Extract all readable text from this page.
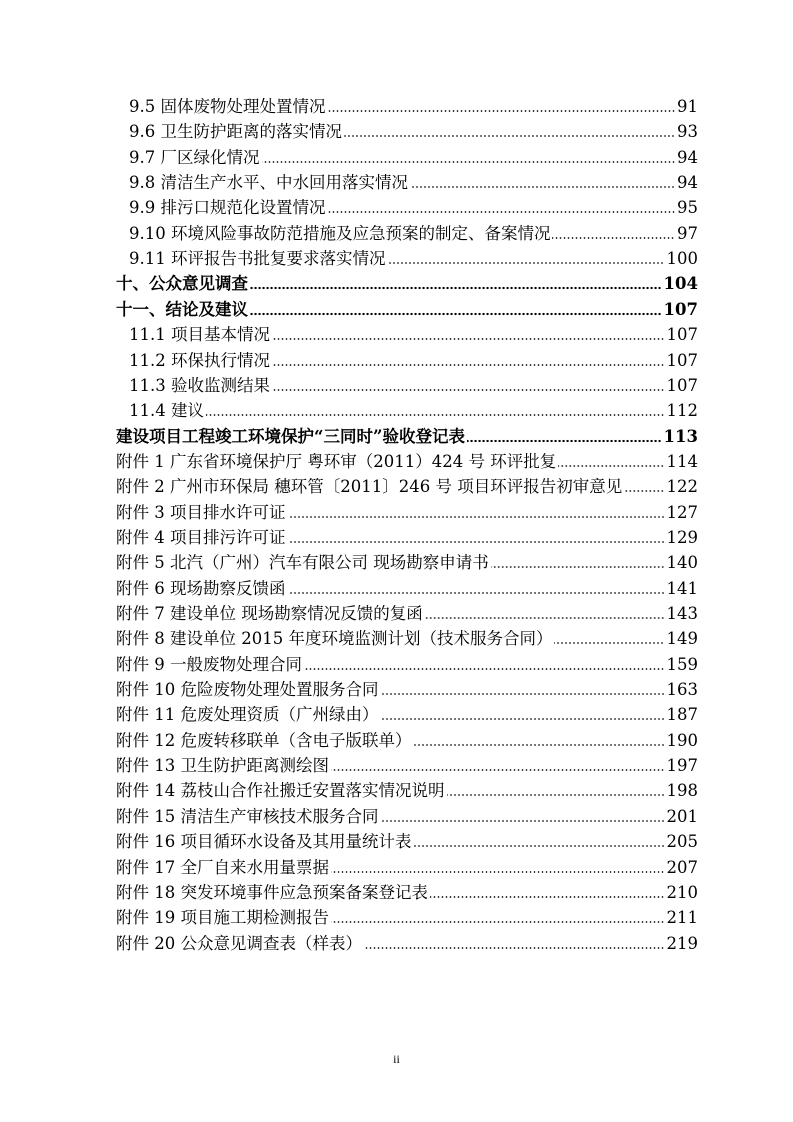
9.5 固体废物处理处置情况	91
9.6 卫生防护距离的落实情况	93
9.7 厂区绿化情况	94
9.8 清洁生产水平、中水回用落实情况	94
9.9 排污口规范化设置情况	95
9.10 环境风险事故防范措施及应急预案的制定、备案情况	97
9.11 环评报告书批复要求落实情况	100
十、公众意见调查	104
十一、结论及建议	107
11.1 项目基本情况	107
11.2 环保执行情况	107
11.3 验收监测结果	107
11.4 建议	112
建设项目工程竣工环境保护“三同时”验收登记表	113
附件 1 广东省环境保护厅 粤环审（2011）424 号 环评批复	114
附件 2 广州市环保局 穗环管〔2011〕246 号 项目环评报告初审意见	122
附件 3 项目排水许可证	127
附件 4 项目排污许可证	129
附件 5 北汽（广州）汽车有限公司 现场勘察申请书	140
附件 6 现场勘察反馈函	141
附件 7 建设单位 现场勘察情况反馈的复函	143
附件 8 建设单位 2015 年度环境监测计划（技术服务合同）	149
附件 9 一般废物处理合同	159
附件 10 危险废物处理处置服务合同	163
附件 11 危废处理资质（广州绿由）	187
附件 12 危废转移联单（含电子版联单）	190
附件 13 卫生防护距离测绘图	197
附件 14 荔枝山合作社搬迁安置落实情况说明	198
附件 15 清洁生产审核技术服务合同	201
附件 16 项目循环水设备及其用量统计表	205
附件 17 全厂自来水用量票据	207
附件 18 突发环境事件应急预案备案登记表	210
附件 19 项目施工期检测报告	211
附件 20 公众意见调查表（样表）	219
ii
